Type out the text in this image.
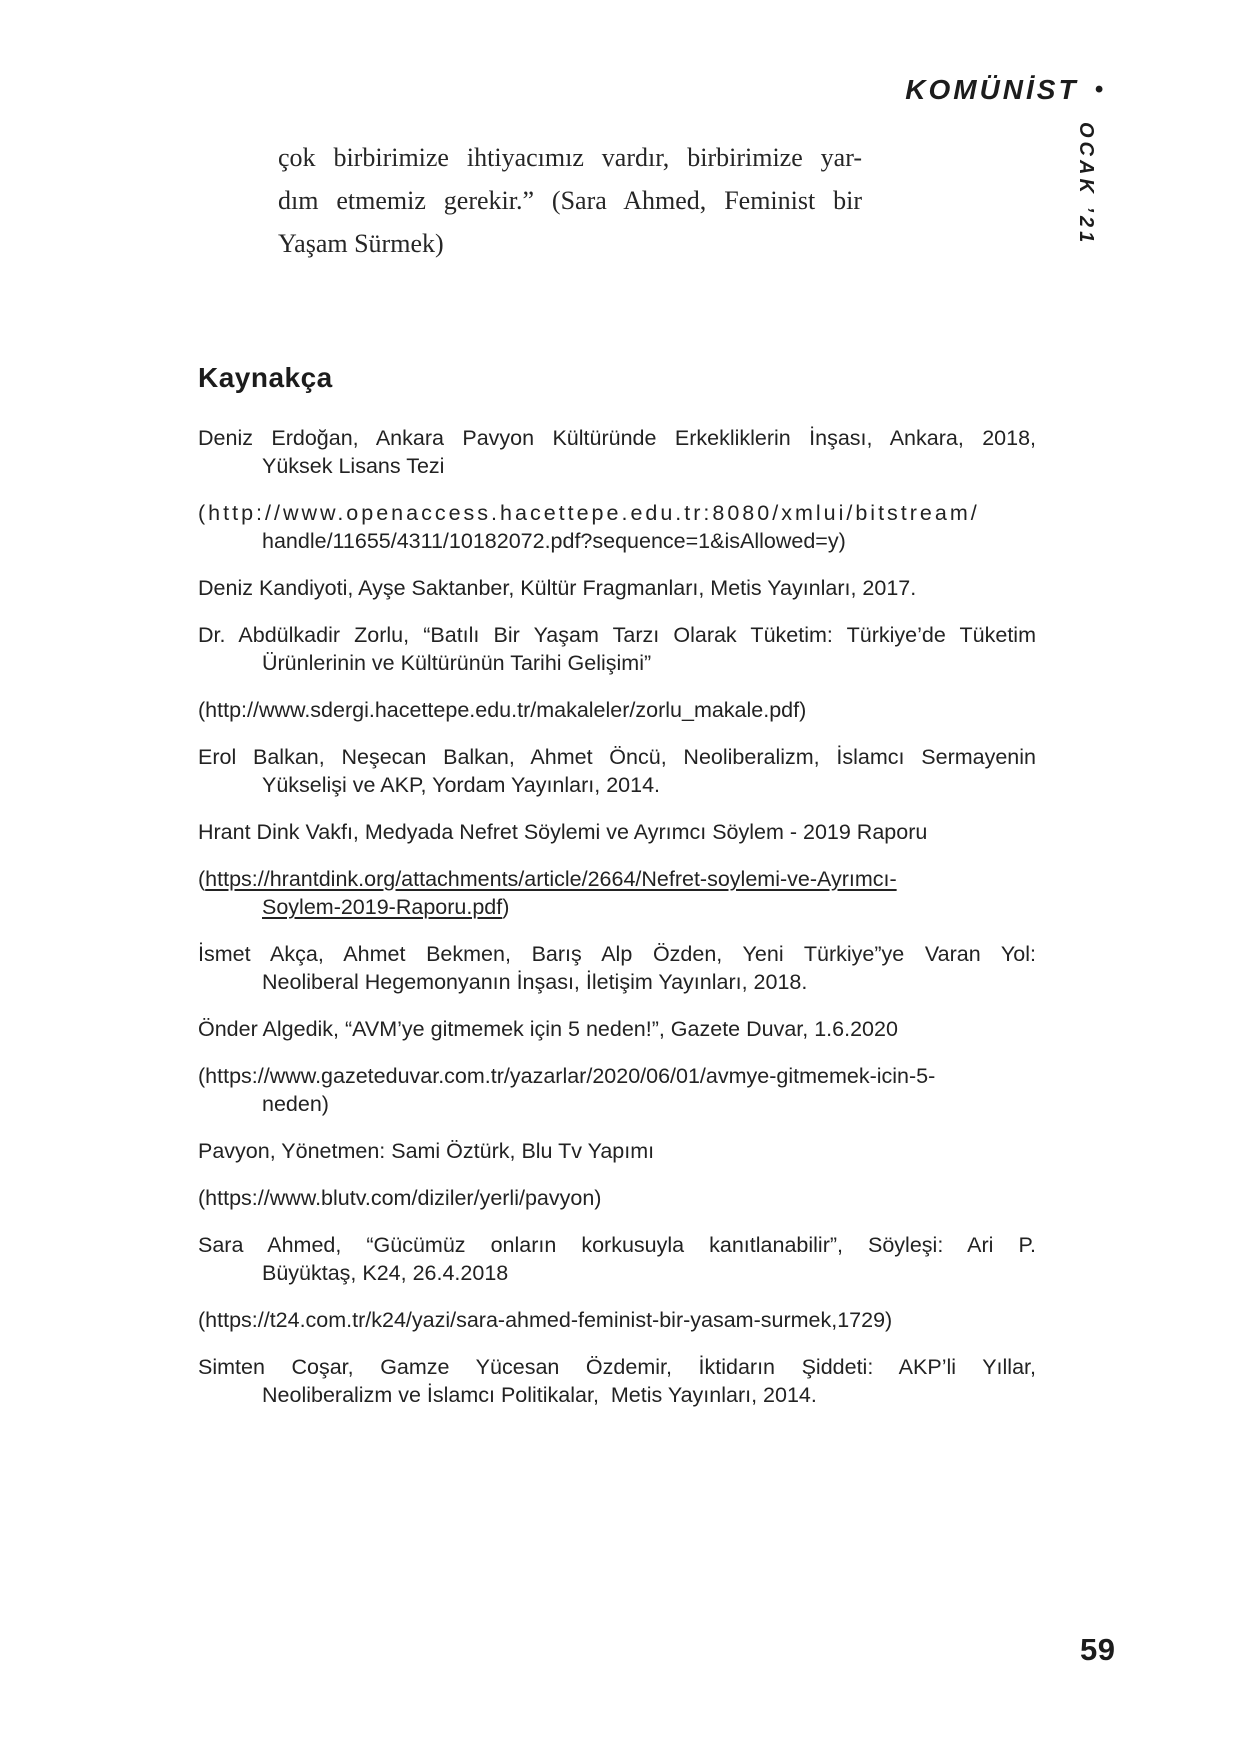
KOMÜNİST •
OCAK ’21
çok birbirimize ihtiyacımız vardır, birbirimize yar-
dım etmemiz gerekir.” (Sara Ahmed, Feminist bir
Yaşam Sürmek)
Kaynakça
Deniz Erdoğan, Ankara Pavyon Kültüründe Erkekliklerin İnşası, Ankara, 2018,
Yüksek Lisans Tezi
(http://www.openaccess.hacettepe.edu.tr:8080/xmlui/bitstream/
handle/11655/4311/10182072.pdf?sequence=1&isAllowed=y)
Deniz Kandiyoti, Ayşe Saktanber, Kültür Fragmanları, Metis Yayınları, 2017.
Dr. Abdülkadir Zorlu, “Batılı Bir Yaşam Tarzı Olarak Tüketim: Türkiye’de Tüketim
Ürünlerinin ve Kültürünün Tarihi Gelişimi”
(http://www.sdergi.hacettepe.edu.tr/makaleler/zorlu_makale.pdf)
Erol Balkan, Neşecan Balkan, Ahmet Öncü, Neoliberalizm, İslamcı Sermayenin
Yükselişi ve AKP, Yordam Yayınları, 2014.
Hrant Dink Vakfı, Medyada Nefret Söylemi ve Ayrımcı Söylem - 2019 Raporu
(https://hrantdink.org/attachments/article/2664/Nefret-soylemi-ve-Ayrımcı-
Soylem-2019-Raporu.pdf)
İsmet Akça, Ahmet Bekmen, Barış Alp Özden, Yeni Türkiye”ye Varan Yol:
Neoliberal Hegemonyanın İnşası, İletişim Yayınları, 2018.
Önder Algedik, “AVM’ye gitmemek için 5 neden!”, Gazete Duvar, 1.6.2020
(https://www.gazeteduvar.com.tr/yazarlar/2020/06/01/avmye-gitmemek-icin-5-
neden)
Pavyon, Yönetmen: Sami Öztürk, Blu Tv Yapımı
(https://www.blutv.com/diziler/yerli/pavyon)
Sara Ahmed, “Gücümüz onların korkusuyla kanıtlanabilir”, Söyleşi: Ari P.
Büyüktaş, K24, 26.4.2018
(https://t24.com.tr/k24/yazi/sara-ahmed-feminist-bir-yasam-surmek,1729)
Simten Coşar, Gamze Yücesan Özdemir, İktidarın Şiddeti: AKP’li Yıllar,
Neoliberalizm ve İslamcı Politikalar,  Metis Yayınları, 2014.
59
